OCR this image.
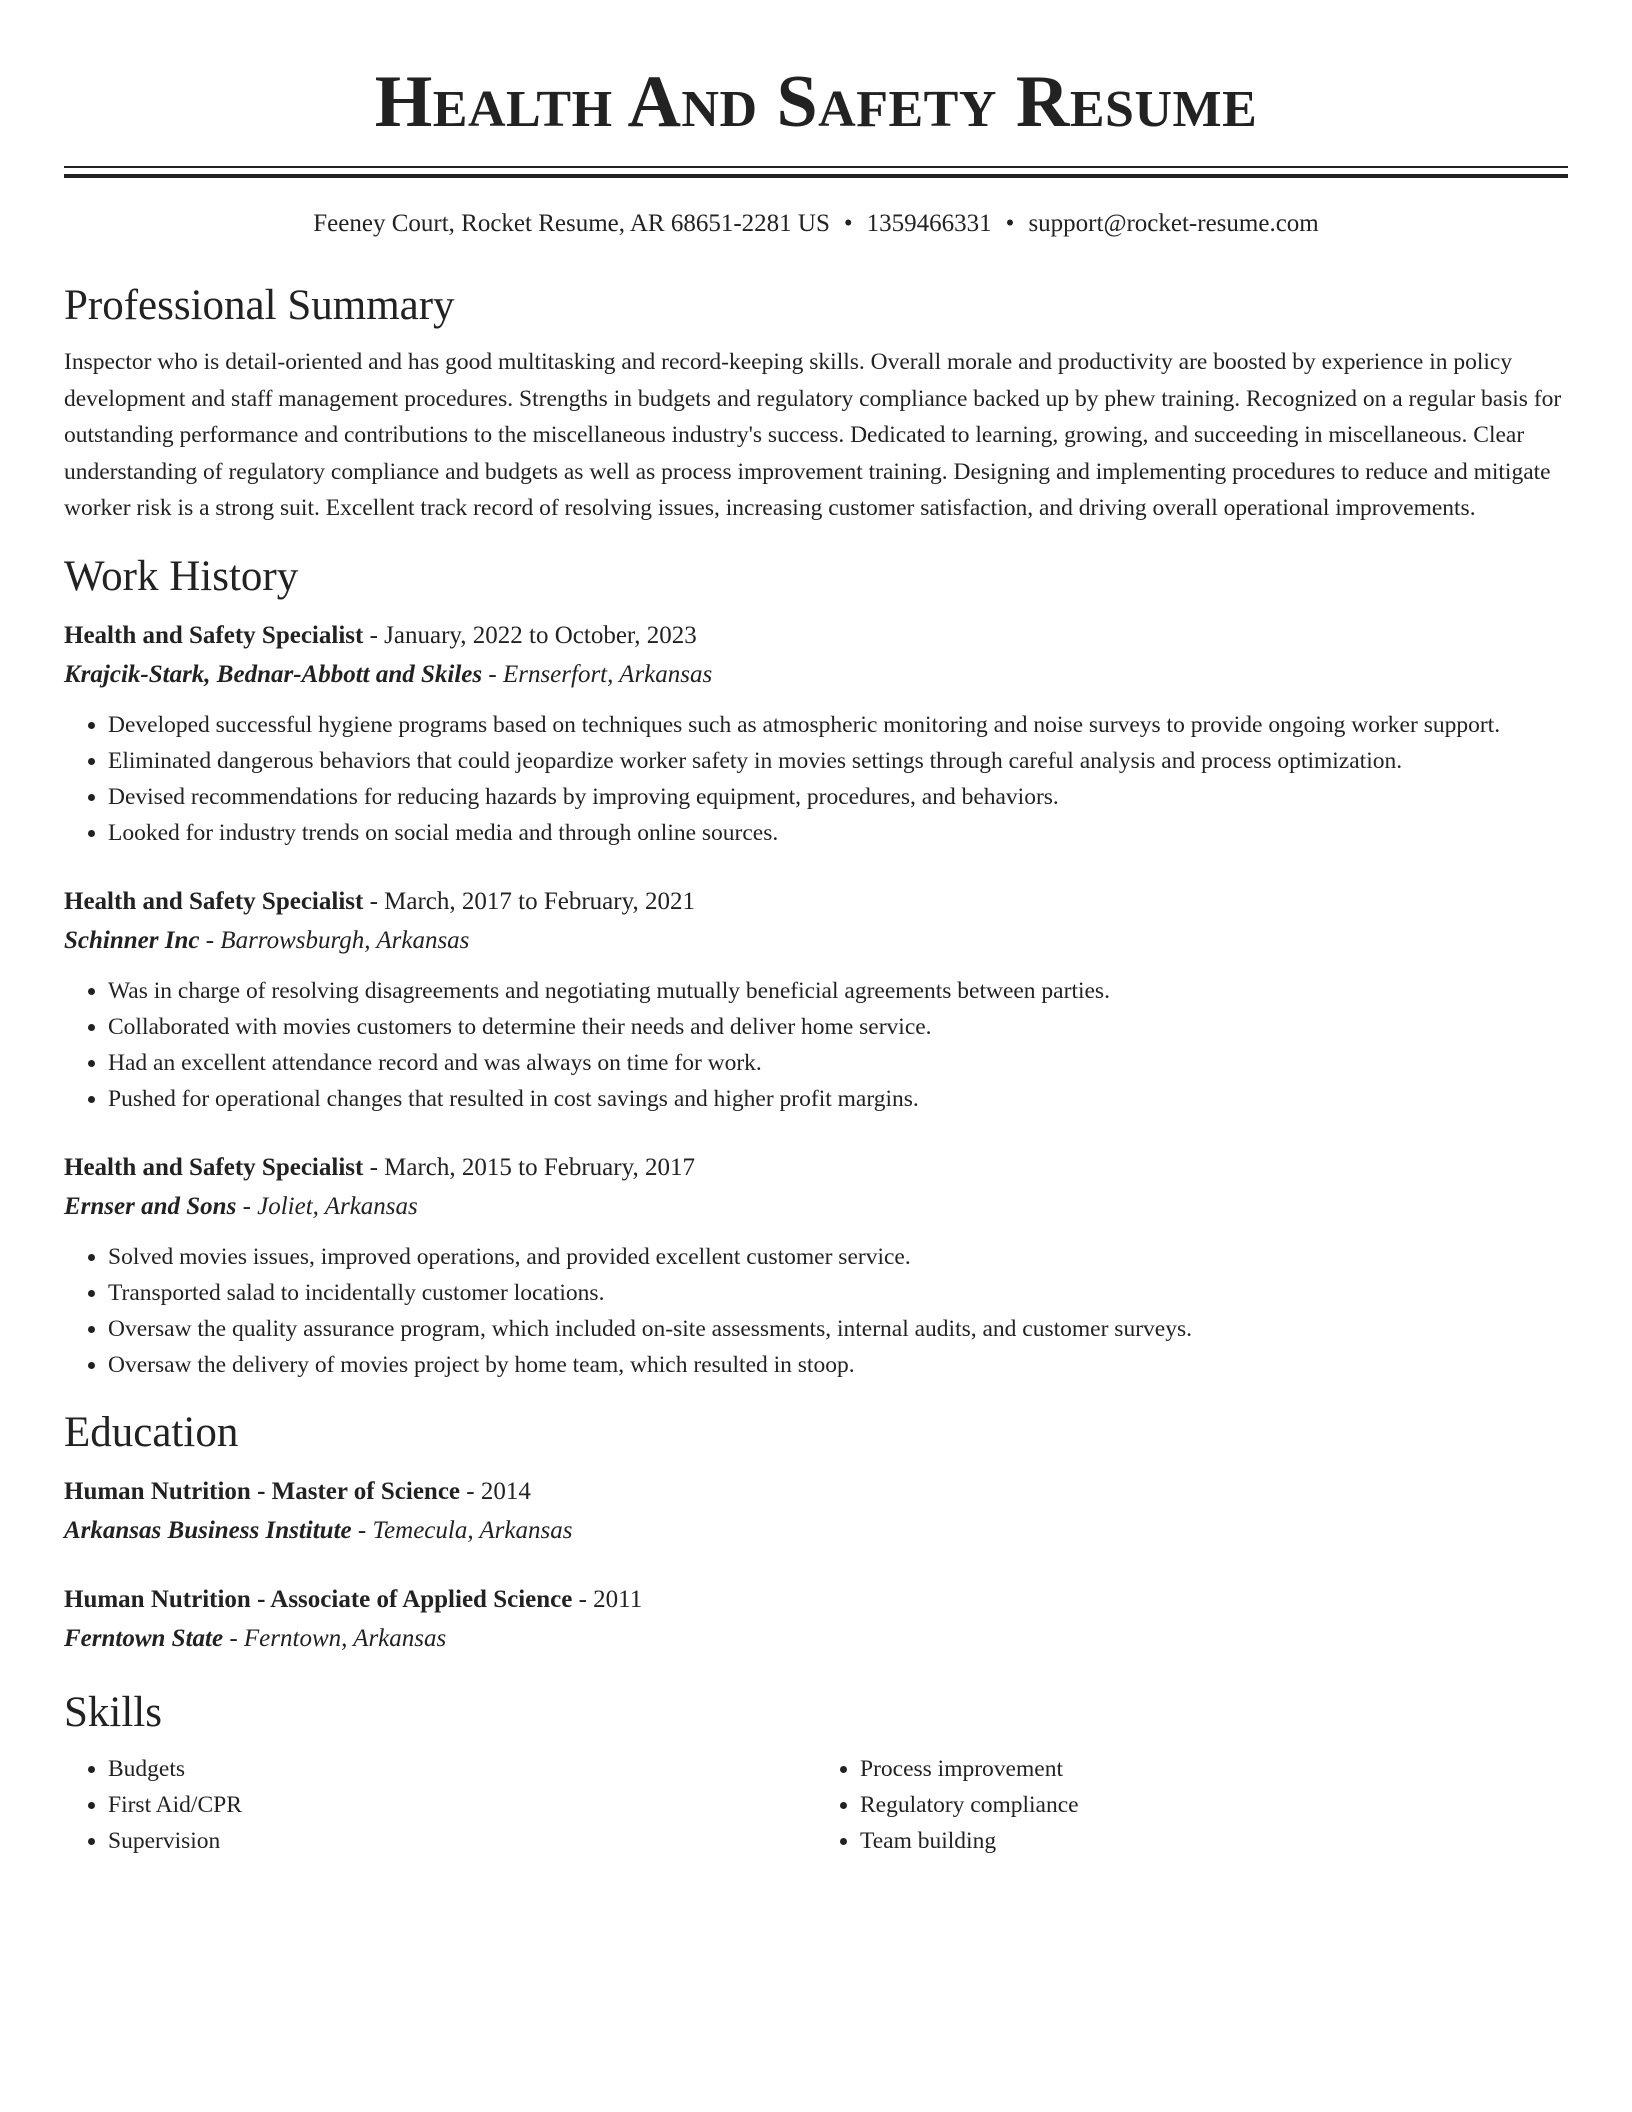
Health And Safety Resume
Feeney Court, Rocket Resume, AR 68651-2281 US • 1359466331 • support@rocket-resume.com
Professional Summary

Inspector who is detail-oriented and has good multitasking and record-keeping skills. Overall morale and productivity are boosted by experience in policy development and staff management procedures. Strengths in budgets and regulatory compliance backed up by phew training. Recognized on a regular basis for outstanding performance and contributions to the miscellaneous industry's success. Dedicated to learning, growing, and succeeding in miscellaneous. Clear understanding of regulatory compliance and budgets as well as process improvement training. Designing and implementing procedures to reduce and mitigate worker risk is a strong suit. Excellent track record of resolving issues, increasing customer satisfaction, and driving overall operational improvements.

Work History
Health and Safety Specialist - January, 2022 to October, 2023
Krajcik-Stark, Bednar-Abbott and Skiles - Ernserfort, Arkansas
• Developed successful hygiene programs based on techniques such as atmospheric monitoring and noise surveys to provide ongoing worker support.
• Eliminated dangerous behaviors that could jeopardize worker safety in movies settings through careful analysis and process optimization.
• Devised recommendations for reducing hazards by improving equipment, procedures, and behaviors.
• Looked for industry trends on social media and through online sources.
Health and Safety Specialist - March, 2017 to February, 2021
Schinner Inc - Barrowsburgh, Arkansas
• Was in charge of resolving disagreements and negotiating mutually beneficial agreements between parties.
• Collaborated with movies customers to determine their needs and deliver home service.
• Had an excellent attendance record and was always on time for work.
• Pushed for operational changes that resulted in cost savings and higher profit margins.
Health and Safety Specialist - March, 2015 to February, 2017
Ernser and Sons - Joliet, Arkansas
• Solved movies issues, improved operations, and provided excellent customer service.
• Transported salad to incidentally customer locations.
• Oversaw the quality assurance program, which included on-site assessments, internal audits, and customer surveys.
• Oversaw the delivery of movies project by home team, which resulted in stoop.
Education
Human Nutrition - Master of Science - 2014
Arkansas Business Institute - Temecula, Arkansas
Human Nutrition - Associate of Applied Science - 2011
Ferntown State - Ferntown, Arkansas
Skills
• Budgets
• First Aid/CPR
• Supervision
• Process improvement
• Regulatory compliance
• Team building
